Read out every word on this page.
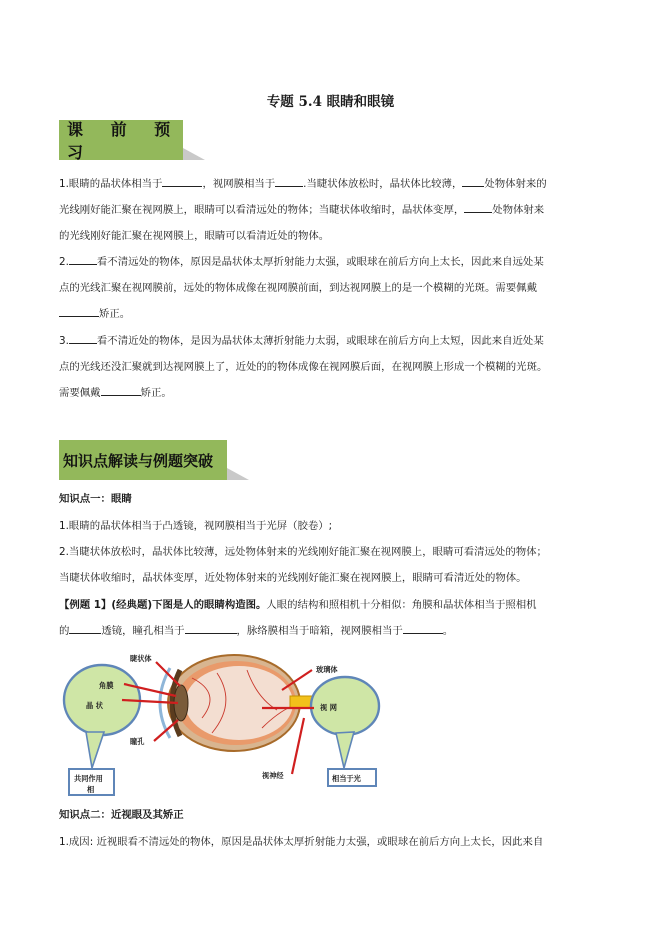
专题 5.4 眼睛和眼镜
课 前 预 习
1.眼睛的晶状体相当于	，视网膜相当于	.当睫状体放松时，晶状体比较薄， 处物体射来的
光线刚好能汇聚在视网膜上，眼睛可以看清远处的物体；当睫状体收缩时，晶状体变厚，	处物体射来
的光线刚好能汇聚在视网膜上，眼睛可以看清近处的物体。
2.	看不清远处的物体，原因是晶状体太厚折射能力太强，或眼球在前后方向上太长，因此来自远处某
点的光线汇聚在视网膜前，远处的物体成像在视网膜前面，到达视网膜上的是一个模糊的光斑。需要佩戴
矫正。
3.	看不清近处的物体，是因为晶状体太薄折射能力太弱，或眼球在前后方向上太短，因此来自近处某
点的光线还没汇聚就到达视网膜上了，近处的的物体成像在视网膜后面，在视网膜上形成一个模糊的光斑。
需要佩戴	矫正。
知识点解读与例题突破
知识点一：眼睛
1.眼睛的晶状体相当于凸透镜，视网膜相当于光屏（胶卷）;
2.当睫状体放松时，晶状体比较薄，远处物体射来的光线刚好能汇聚在视网膜上，眼睛可看清远处的物体；
当睫状体收缩时，晶状体变厚，近处物体射来的光线刚好能汇聚在视网膜上，眼睛可看清近处的物体。
【例题 1】(经典题)下图是人的眼睛构造图。人眼的结构和照相机十分相似：角膜和晶状体相当于照相机
的	透镜，瞳孔相当于	，脉络膜相当于暗箱，视网膜相当于	。
角膜
晶 状
共同作用
相
视 网
相当于光
睫状体
瞳孔
玻璃体
视神经
知识点二：近视眼及其矫正
1.成因: 近视眼看不清远处的物体，原因是晶状体太厚折射能力太强，或眼球在前后方向上太长，因此来自
